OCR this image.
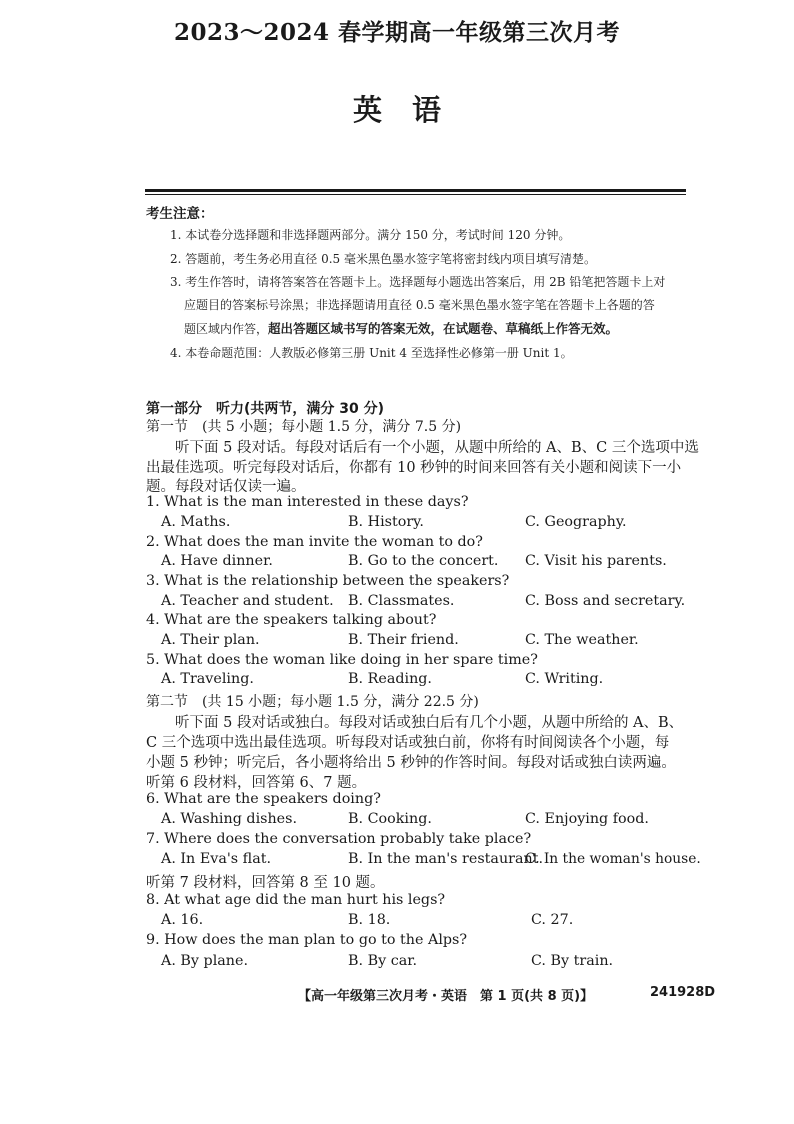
2023～2024 春学期高一年级第三次月考
英语
考生注意：
1. 本试卷分选择题和非选择题两部分。满分 150 分，考试时间 120 分钟。
2. 答题前，考生务必用直径 0.5 毫米黑色墨水签字笔将密封线内项目填写清楚。
3. 考生作答时，请将答案答在答题卡上。选择题每小题选出答案后，用 2B 铅笔把答题卡上对
应题目的答案标号涂黑；非选择题请用直径 0.5 毫米黑色墨水签字笔在答题卡上各题的答
题区域内作答，超出答题区域书写的答案无效，在试题卷、草稿纸上作答无效。
4. 本卷命题范围：人教版必修第三册 Unit 4 至选择性必修第一册 Unit 1。
第一部分　听力(共两节，满分 30 分)
第一节　(共 5 小题；每小题 1.5 分，满分 7.5 分)
听下面 5 段对话。每段对话后有一个小题，从题中所给的 A、B、C 三个选项中选
出最佳选项。听完每段对话后，你都有 10 秒钟的时间来回答有关小题和阅读下一小
题。每段对话仅读一遍。
1. What is the man interested in these days?
A. Maths.	B. History.	C. Geography.
2. What does the man invite the woman to do?
A. Have dinner.	B. Go to the concert. C. Visit his parents.
3. What is the relationship between the speakers?
A. Teacher and student. B. Classmates.	C. Boss and secretary.
4. What are the speakers talking about?
A. Their plan.	B. Their friend.	C. The weather.
5. What does the woman like doing in her spare time?
A. Traveling.	B. Reading.	C. Writing.
第二节　(共 15 小题；每小题 1.5 分，满分 22.5 分)
听下面 5 段对话或独白。每段对话或独白后有几个小题，从题中所给的 A、B、
C 三个选项中选出最佳选项。听每段对话或独白前，你将有时间阅读各个小题，每
小题 5 秒钟；听完后，各小题将给出 5 秒钟的作答时间。每段对话或独白读两遍。
听第 6 段材料，回答第 6、7 题。
6. What are the speakers doing?
A. Washing dishes.	B. Cooking.	C. Enjoying food.
7. Where does the conversation probably take place?
A. In Eva's flat.	B. In the man's restaurant.
C. In the woman's house.
听第 7 段材料，回答第 8 至 10 题。
8. At what age did the man hurt his legs?
A. 16.	B. 18.	C. 27.
9. How does the man plan to go to the Alps?
A. By plane.	B. By car.	C. By train.
【高一年级第三次月考・英语　第 1 页(共 8 页)】	241928D
